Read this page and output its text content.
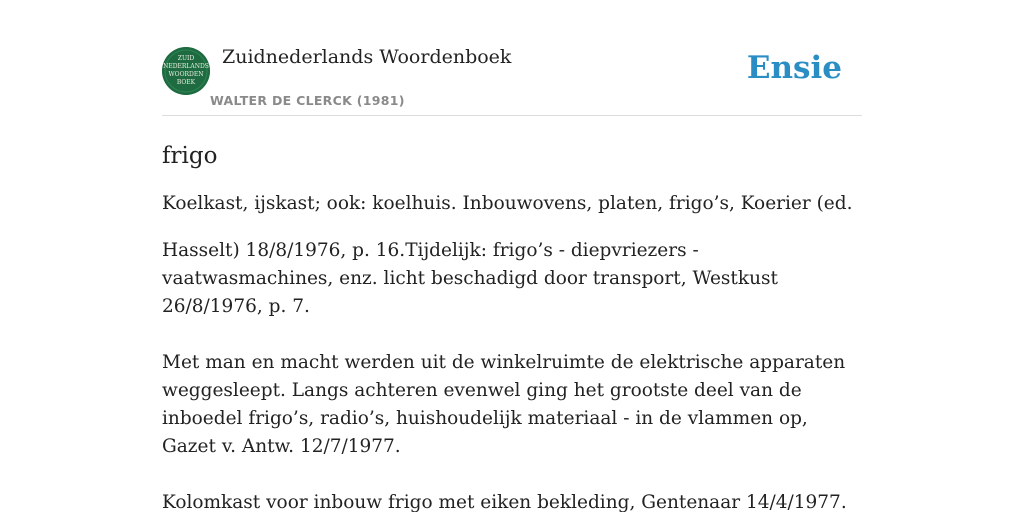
ZUID
NEDERLANDS
WOORDEN
BOEK
Zuidnederlands Woordenboek
WALTER DE CLERCK (1981)
Ensie
frigo

Koelkast, ijskast; ook: koelhuis. Inbouwovens, platen, frigo’s, Koerier (ed.

Hasselt) 18/8/1976, p. 16.Tijdelijk: frigo’s - diepvriezers - vaatwasmachines, enz. licht beschadigd door transport, Westkust 26/8/1976, p. 7.

Met man en macht werden uit de winkelruimte de elektrische apparaten weggesleept. Langs achteren evenwel ging het grootste deel van de inboedel frigo’s, radio’s, huishoudelijk materiaal - in de vlammen op, Gazet v. Antw. 12/7/1977.

Kolomkast voor inbouw frigo met eiken bekleding, Gentenaar 14/4/1977.
